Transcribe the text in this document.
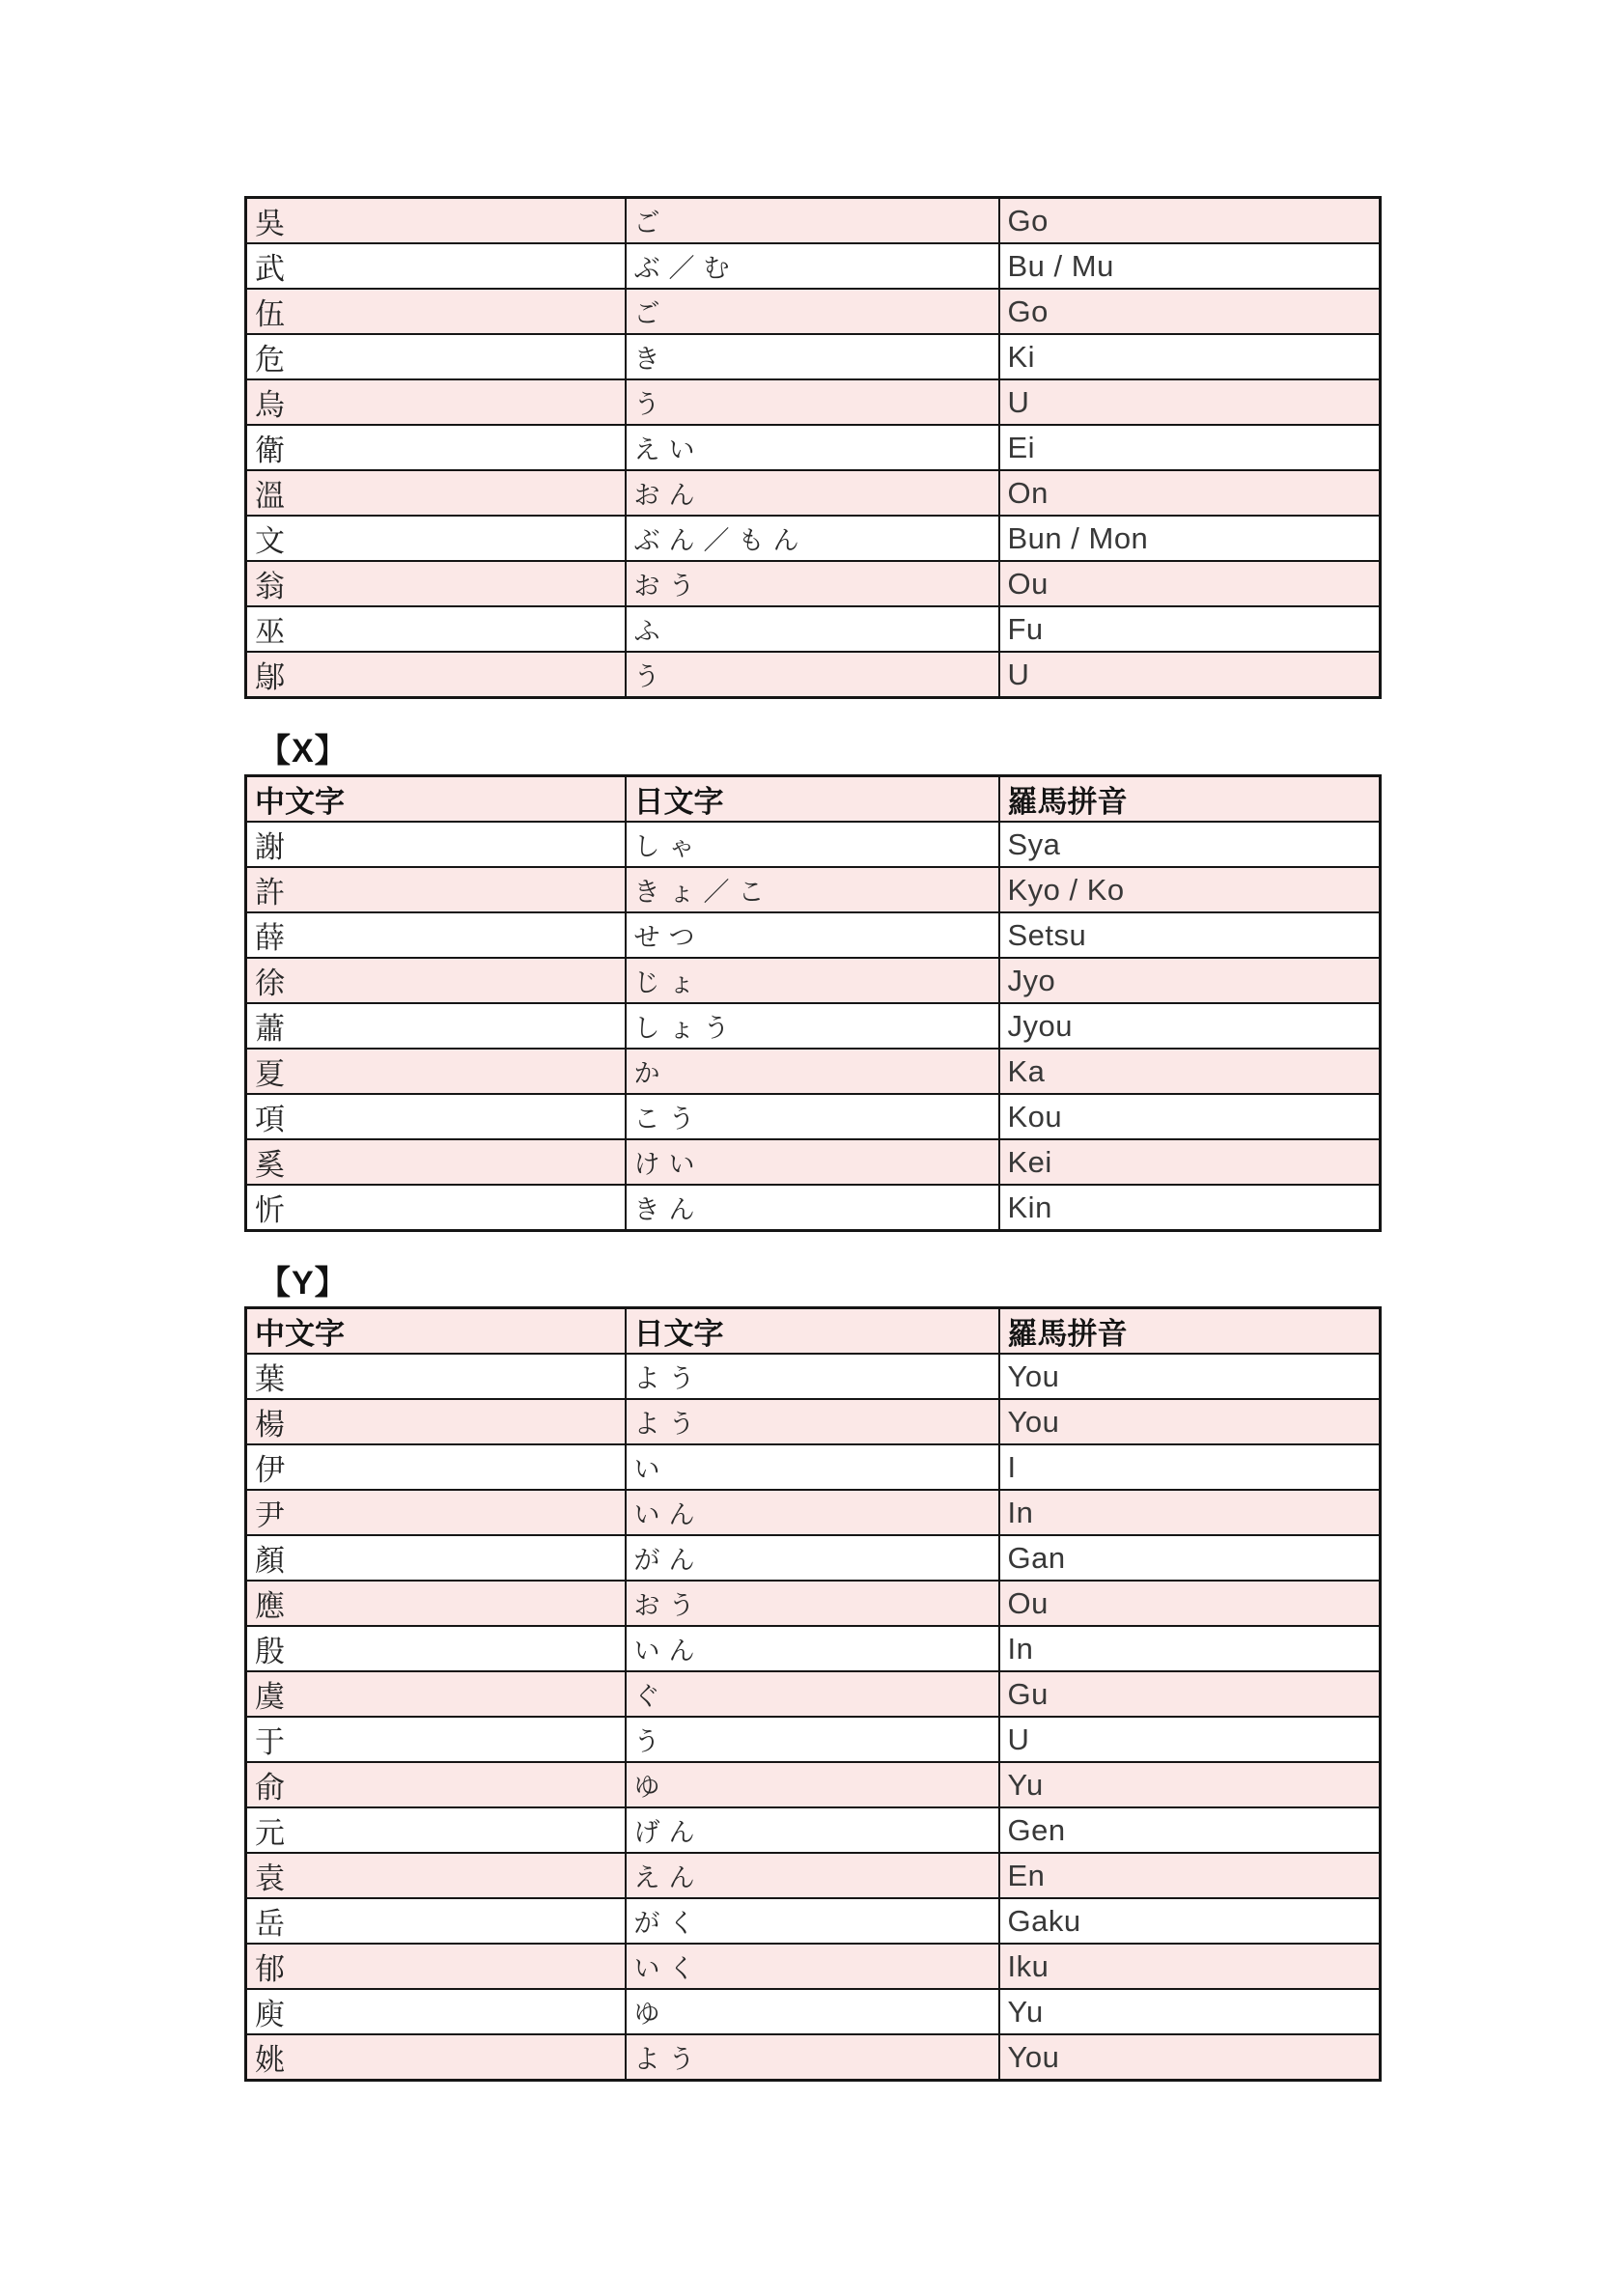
吳	ご	Go
武	ぶ／む	Bu / Mu
伍	ご	Go
危	き	Ki
烏	う	U
衛	えい	Ei
溫	おん	On
文	ぶん／もん	Bun / Mon
翁	おう	Ou
巫	ふ	Fu
鄔	う	U
【X】
中文字	日文字	羅馬拼音
謝	しゃ	Sya
許	きょ／こ	Kyo / Ko
薛	せつ	Setsu
徐	じょ	Jyo
蕭	しょう	Jyou
夏	か	Ka
項	こう	Kou
奚	けい	Kei
忻	きん	Kin
【Y】
中文字	日文字	羅馬拼音
葉	よう	You
楊	よう	You
伊	い	I
尹	いん	In
顏	がん	Gan
應	おう	Ou
殷	いん	In
虞	ぐ	Gu
于	う	U
俞	ゆ	Yu
元	げん	Gen
袁	えん	En
岳	がく	Gaku
郁	いく	Iku
庾	ゆ	Yu
姚	よう	You
